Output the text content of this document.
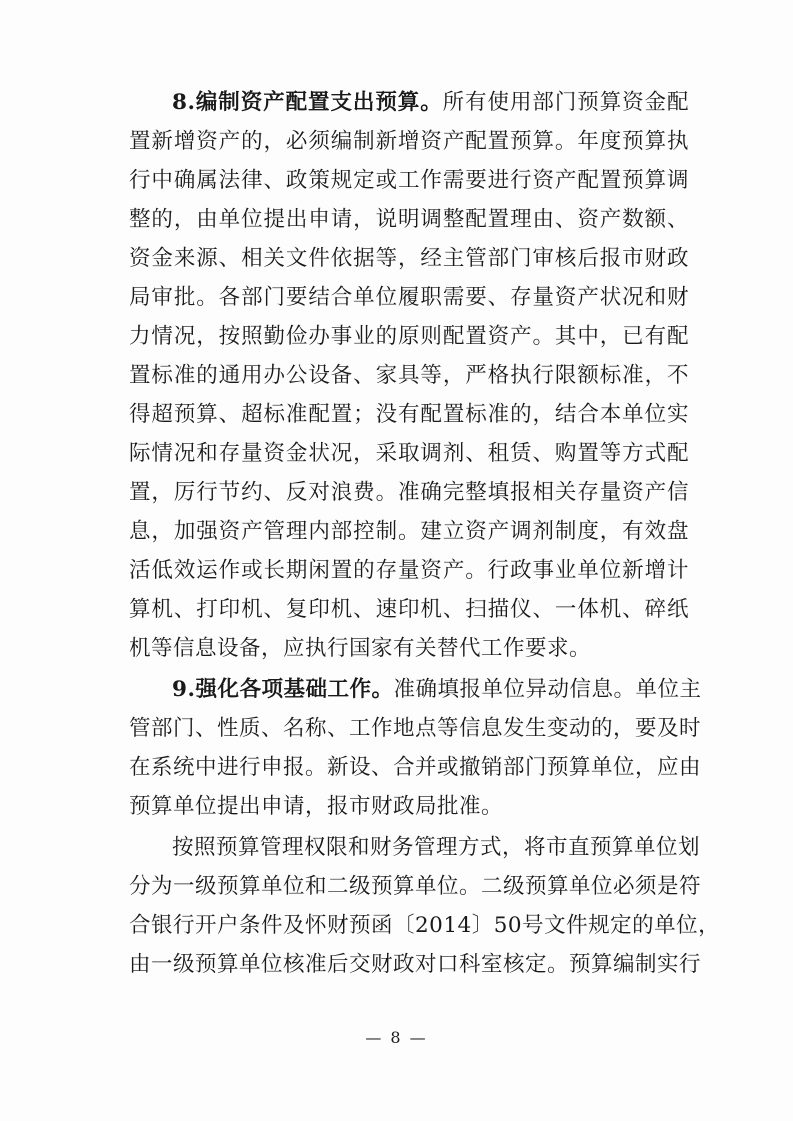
8.编制资产配置支出预算。所有使用部门预算资金配
置新增资产的，必须编制新增资产配置预算。年度预算执
行中确属法律、政策规定或工作需要进行资产配置预算调
整的，由单位提出申请，说明调整配置理由、资产数额、
资金来源、相关文件依据等，经主管部门审核后报市财政
局审批。各部门要结合单位履职需要、存量资产状况和财
力情况，按照勤俭办事业的原则配置资产。其中，已有配
置标准的通用办公设备、家具等，严格执行限额标准，不
得超预算、超标准配置；没有配置标准的，结合本单位实
际情况和存量资金状况，采取调剂、租赁、购置等方式配
置，厉行节约、反对浪费。准确完整填报相关存量资产信
息，加强资产管理内部控制。建立资产调剂制度，有效盘
活低效运作或长期闲置的存量资产。行政事业单位新增计
算机、打印机、复印机、速印机、扫描仪、一体机、碎纸
机等信息设备，应执行国家有关替代工作要求。
9.强化各项基础工作。准确填报单位异动信息。单位主
管部门、性质、名称、工作地点等信息发生变动的，要及时
在系统中进行申报。新设、合并或撤销部门预算单位，应由
预算单位提出申请，报市财政局批准。
按照预算管理权限和财务管理方式，将市直预算单位划
分为一级预算单位和二级预算单位。二级预算单位必须是符
合银行开户条件及怀财预函〔2014〕50号文件规定的单位，
由一级预算单位核准后交财政对口科室核定。预算编制实行
— 8 —
